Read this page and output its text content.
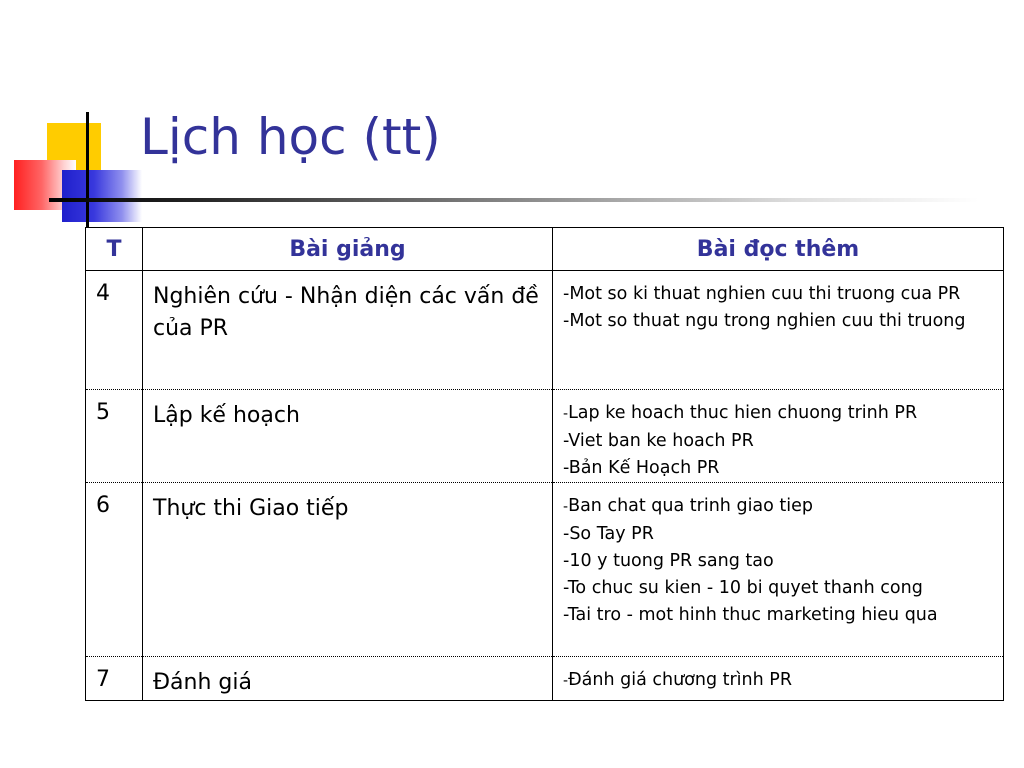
Lịch học (tt)
T	Bài giảng	Bài đọc thêm
4	Nghiên cứu - Nhận diện các vấn đề của PR	-Mot so ki thuat nghien cuu thi truong cua PR
-Mot so thuat ngu trong nghien cuu thi truong

5	Lập kế hoạch	-Lap ke hoach thuc hien chuong trinh PR
-Viet ban ke hoach PR
-Bản Kế Hoạch PR

6	Thực thi Giao tiếp	-Ban chat qua trinh giao tiep
-So Tay PR
-10 y tuong PR sang tao
-To chuc su kien - 10 bi quyet thanh cong
-Tai tro - mot hinh thuc marketing hieu qua

7	Đánh giá	-Đánh giá chương trình PR
